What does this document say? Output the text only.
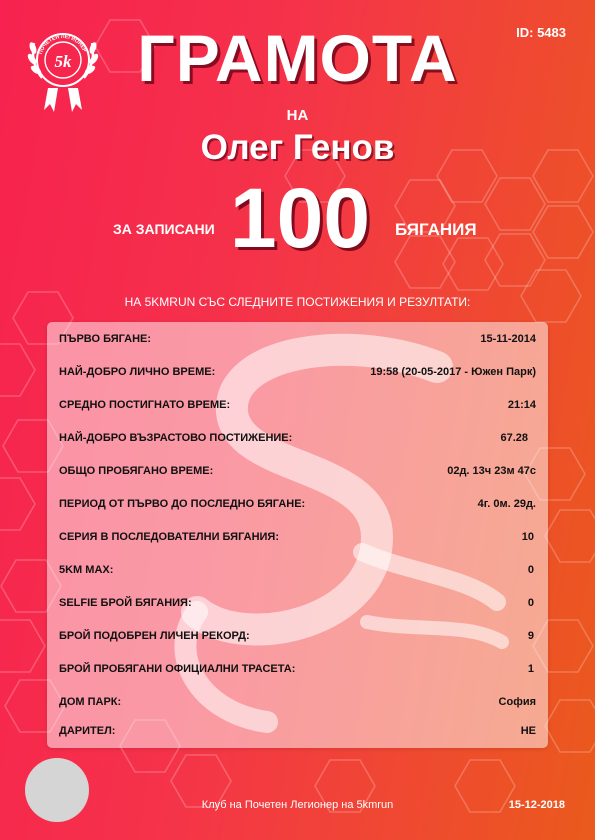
ПОЧЕТЕН ЛЕГИОНЕР
5k
ID: 5483
ГРАМОТА
НА
Олег Генов
ЗА ЗАПИСАНИ 100	БЯГАНИЯ
НА 5KMRUN СЪС СЛЕДНИТЕ ПОСТИЖЕНИЯ И РЕЗУЛТАТИ:
ПЪРВО БЯГАНЕ:	15-11-2014
НАЙ-ДОБРО ЛИЧНО ВРЕМЕ:	19:58 (20-05-2017 - Южен Парк)
СРЕДНО ПОСТИГНАТО ВРЕМЕ:	21:14
НАЙ-ДОБРО ВЪЗРАСТОВО ПОСТИЖЕНИЕ:	67.28
ОБЩО ПРОБЯГАНО ВРЕМЕ:	02д. 13ч 23м 47с
ПЕРИОД ОТ ПЪРВО ДО ПОСЛЕДНО БЯГАНЕ:	4г. 0м. 29д.
СЕРИЯ В ПОСЛЕДОВАТЕЛНИ БЯГАНИЯ:	10
5KM MAX:	0
SELFIE БРОЙ БЯГАНИЯ:	0
БРОЙ ПОДОБРЕН ЛИЧЕН РЕКОРД:	9
БРОЙ ПРОБЯГАНИ ОФИЦИАЛНИ ТРАСЕТА:	1
ДОМ ПАРК:	София
ДАРИТЕЛ:	НЕ
Клуб на Почетен Легионер на 5kmrun	15-12-2018
